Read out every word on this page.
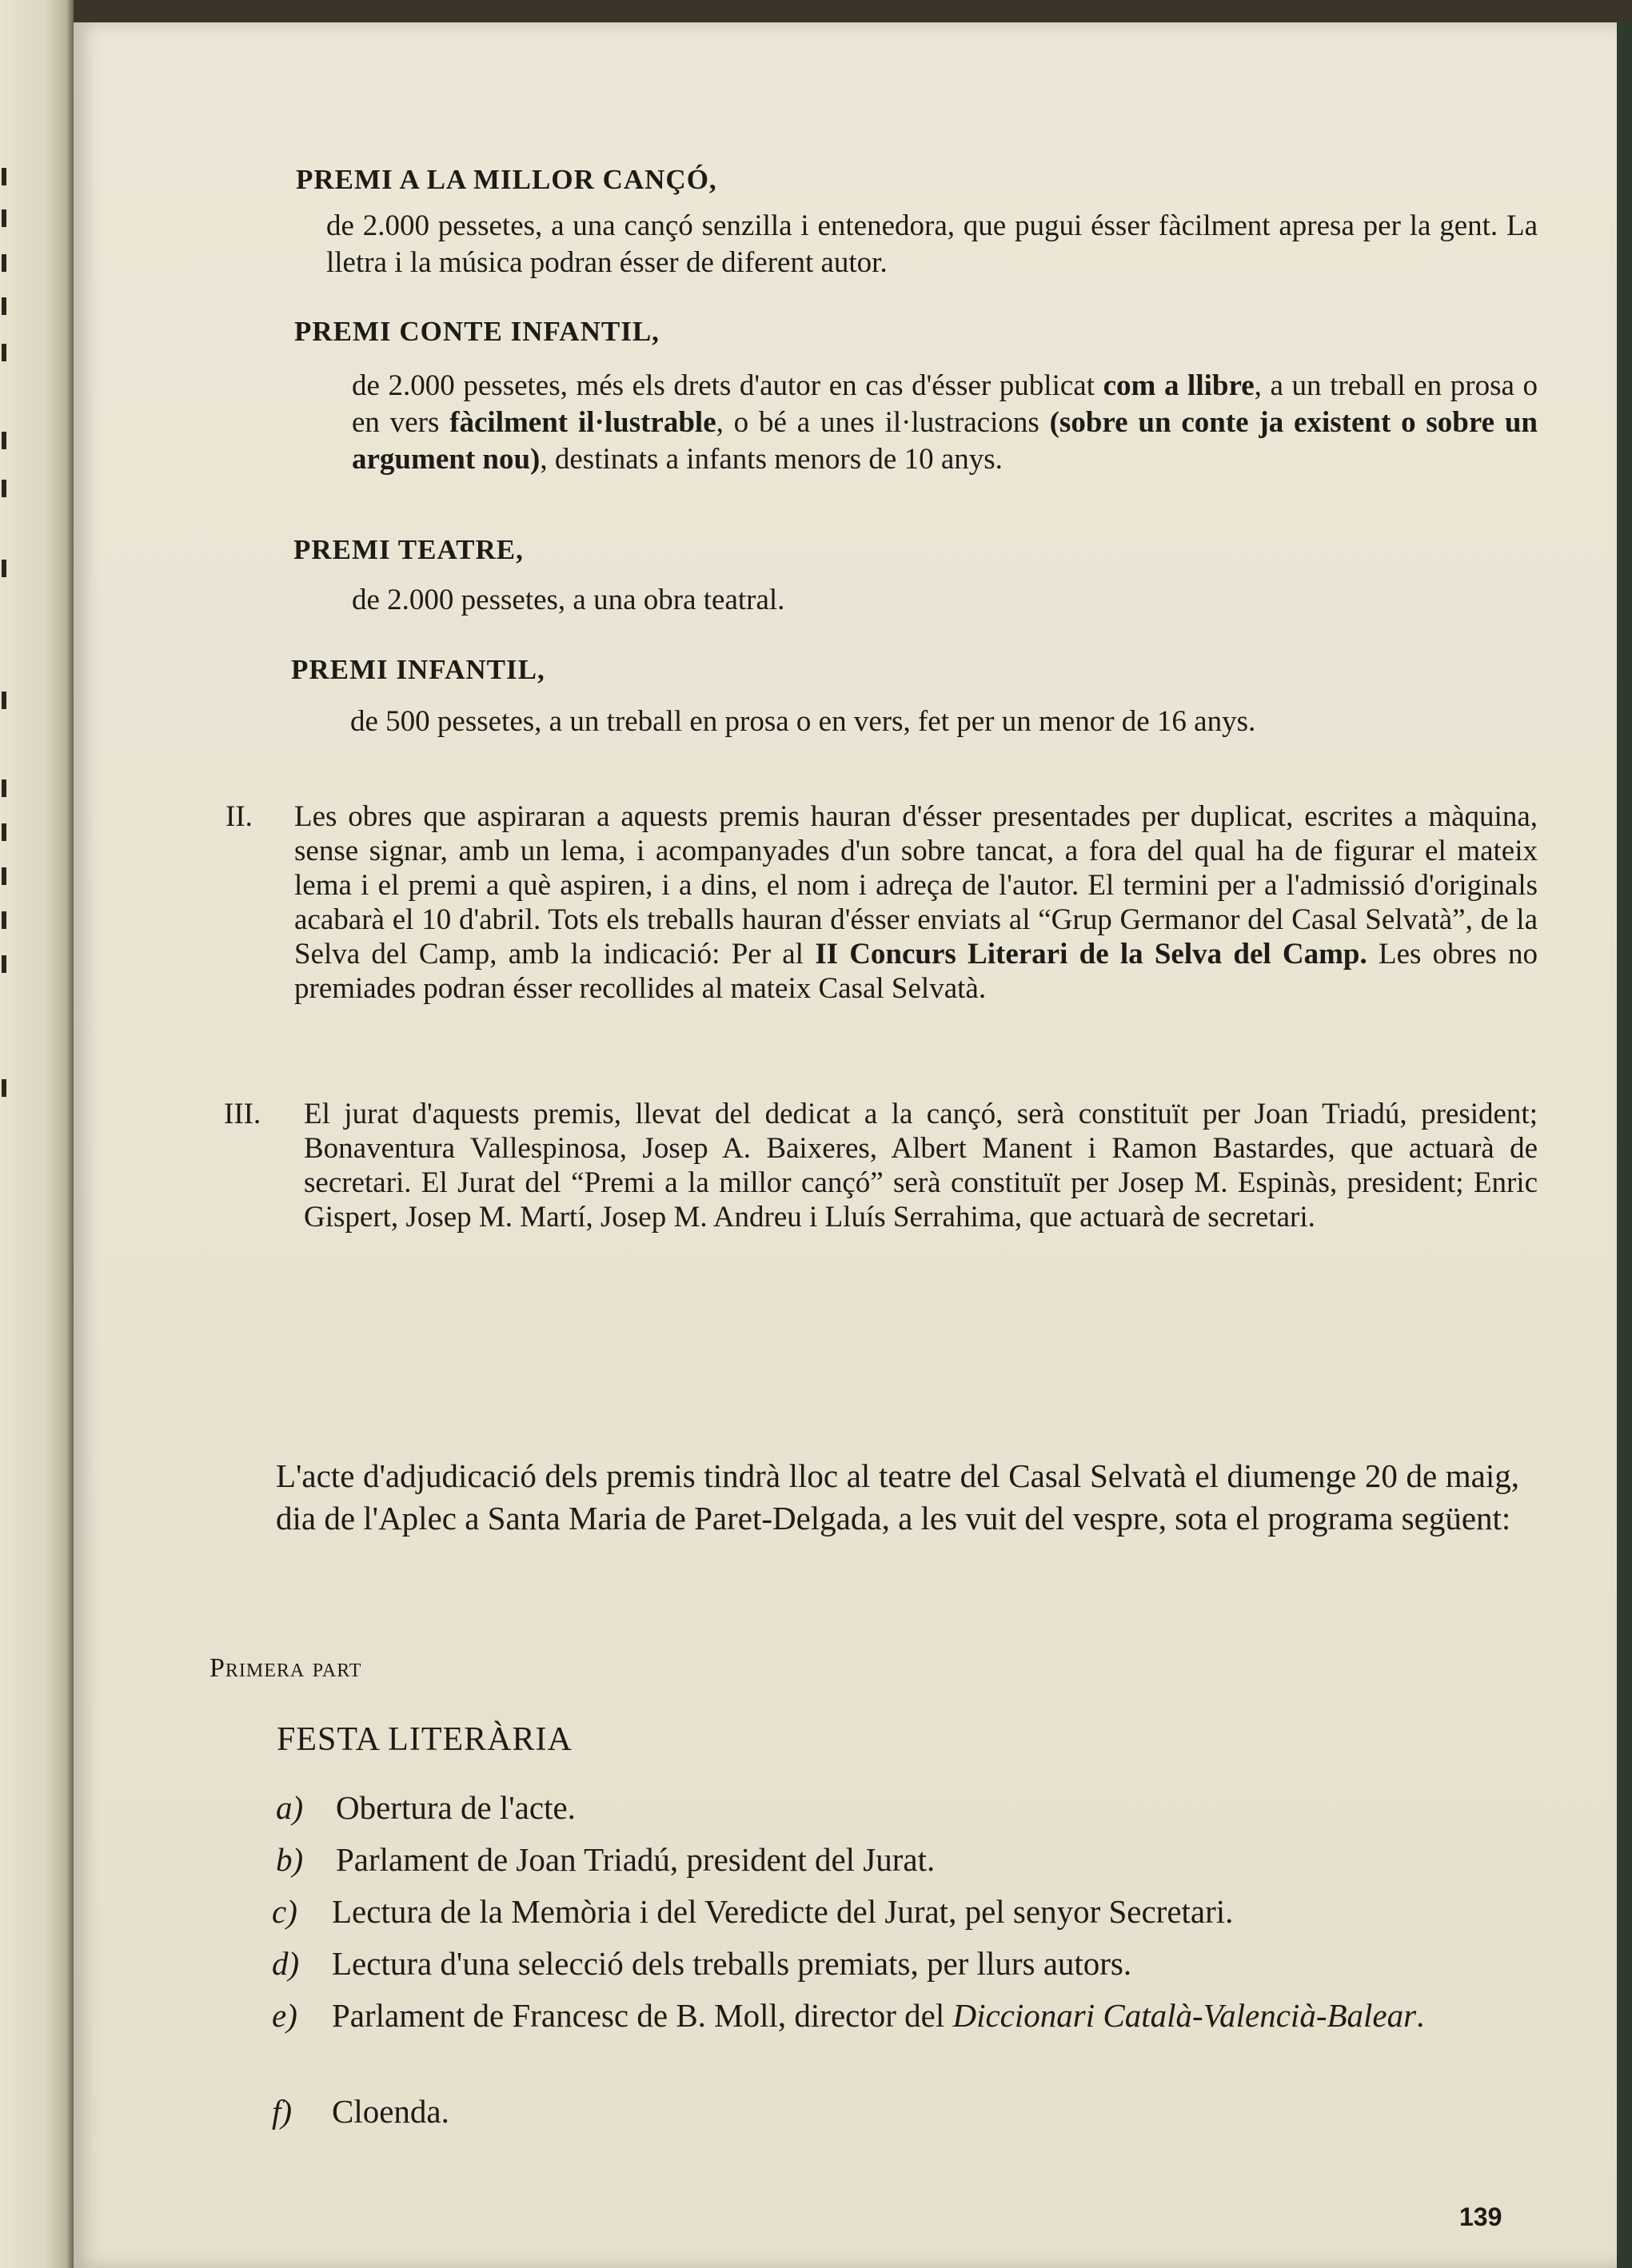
PREMI A LA MILLOR CANÇÓ,
de 2.000 pessetes, a una cançó senzilla i entenedora, que pugui ésser fàcilment apresa per la gent. La lletra i la música podran ésser de diferent autor.
PREMI CONTE INFANTIL,
de 2.000 pessetes, més els drets d'autor en cas d'ésser publicat com a llibre, a un treball en prosa o en vers fàcilment il·lustrable, o bé a unes il·lustracions (sobre un conte ja existent o sobre un argument nou), destinats a infants menors de 10 anys.
PREMI TEATRE,
de 2.000 pessetes, a una obra teatral.
PREMI INFANTIL,
de 500 pessetes, a un treball en prosa o en vers, fet per un menor de 16 anys.
II. Les obres que aspiraran a aquests premis hauran d'ésser presentades per duplicat, escrites a màquina, sense signar, amb un lema, i acompanyades d'un sobre tancat, a fora del qual ha de figurar el mateix lema i el premi a què aspiren, i a dins, el nom i adreça de l'autor. El termini per a l'admissió d'originals acabarà el 10 d'abril. Tots els treballs hauran d'ésser enviats al “Grup Germanor del Casal Selvatà”, de la Selva del Camp, amb la indicació: Per al II Concurs Literari de la Selva del Camp. Les obres no premiades podran ésser recollides al mateix Casal Selvatà.
III. El jurat d'aquests premis, llevat del dedicat a la cançó, serà constituït per Joan Triadú, president; Bonaventura Vallespinosa, Josep A. Baixeres, Albert Manent i Ramon Bastardes, que actuarà de secretari. El Jurat del “Premi a la millor cançó” serà constituït per Josep M. Espinàs, president; Enric Gispert, Josep M. Martí, Josep M. Andreu i Lluís Serrahima, que actuarà de secretari.
L'acte d'adjudicació dels premis tindrà lloc al teatre del Casal Selvatà el diumenge 20 de maig, dia de l'Aplec a Santa Maria de Paret-Delgada, a les vuit del vespre, sota el programa següent:
Primera part
FESTA LITERÀRIA
a) Obertura de l'acte.
b) Parlament de Joan Triadú, president del Jurat.
c) Lectura de la Memòria i del Veredicte del Jurat, pel senyor Secretari.
d) Lectura d'una selecció dels treballs premiats, per llurs autors.
e) Parlament de Francesc de B. Moll, director del Diccionari Català-Valencià-Balear.
f) Cloenda.
139
